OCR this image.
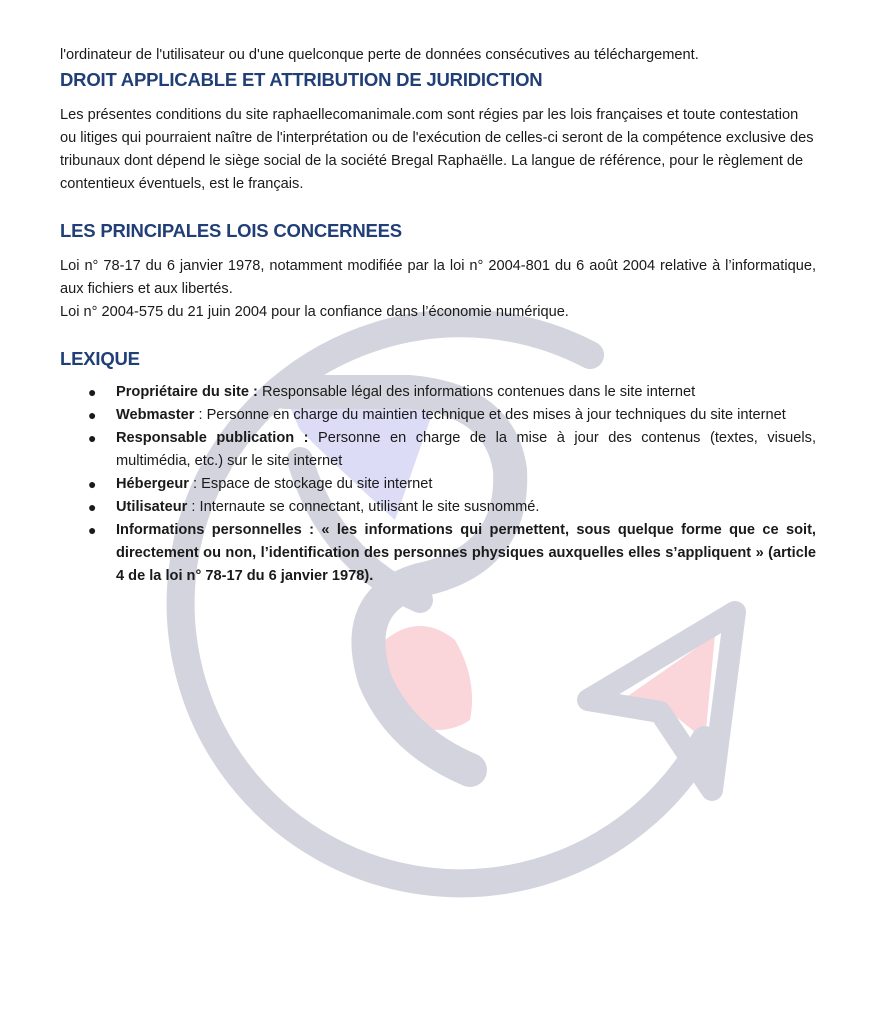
l'ordinateur de l'utilisateur ou d'une quelconque perte de données consécutives au téléchargement.

DROIT APPLICABLE ET ATTRIBUTION DE JURIDICTION

Les présentes conditions du site raphaellecomanimale.com sont régies par les lois françaises et toute contestation ou litiges qui pourraient naître de l'interprétation ou de l'exécution de celles-ci seront de la compétence exclusive des tribunaux dont dépend le siège social de la société Bregal Raphaëlle. La langue de référence, pour le règlement de contentieux éventuels, est le français.

LES PRINCIPALES LOIS CONCERNEES

Loi n° 78-17 du 6 janvier 1978, notamment modifiée par la loi n° 2004-801 du 6 août 2004 relative à l’informatique, aux fichiers et aux libertés.

Loi n° 2004-575 du 21 juin 2004 pour la confiance dans l’économie numérique.

LEXIQUE
● Propriétaire du site : Responsable légal des informations contenues dans le site internet
● Webmaster : Personne en charge du maintien technique et des mises à jour techniques du site internet
● Responsable publication : Personne en charge de la mise à jour des contenus (textes, visuels, multimédia, etc.) sur le site internet
● Hébergeur : Espace de stockage du site internet
● Utilisateur : Internaute se connectant, utilisant le site susnommé.
● Informations personnelles : « les informations qui permettent, sous quelque forme que ce soit, directement ou non, l’identification des personnes physiques auxquelles elles s’appliquent » (article 4 de la loi n° 78-17 du 6 janvier 1978).
